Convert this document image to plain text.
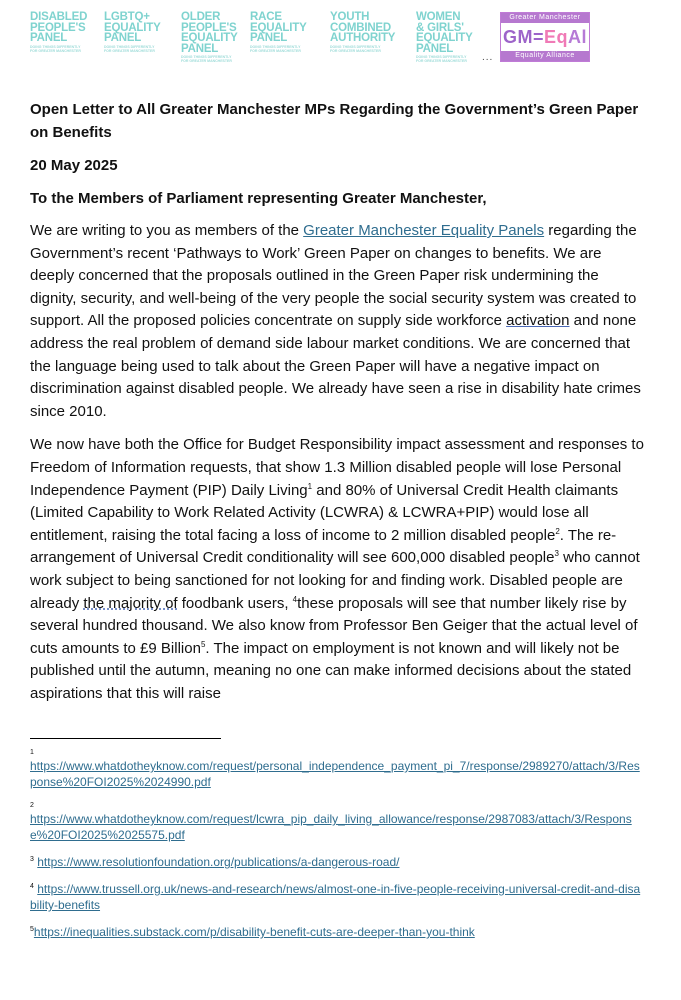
DISABLED
PEOPLE'S
PANEL
DOING THINGS DIFFERENTLY
FOR GREATER MANCHESTER
LGBTQ+
EQUALITY
PANEL
DOING THINGS DIFFERENTLY
FOR GREATER MANCHESTER
OLDER
PEOPLE'S
EQUALITY
PANEL
DOING THINGS DIFFERENTLY
FOR GREATER MANCHESTER
RACE
EQUALITY
PANEL
DOING THINGS DIFFERENTLY
FOR GREATER MANCHESTER
YOUTH
COMBINED
AUTHORITY
DOING THINGS DIFFERENTLY
FOR GREATER MANCHESTER
WOMEN
& GIRLS'
EQUALITY
PANEL
DOING THINGS DIFFERENTLY
FOR GREATER MANCHESTER	...
Greater Manchester
GM=EqAl
Equality Alliance
Open Letter to All Greater Manchester MPs Regarding the Government’s Green Paper on Benefits
20 May 2025
To the Members of Parliament representing Greater Manchester,
We are writing to you as members of the Greater Manchester Equality Panels regarding the Government’s recent ‘Pathways to Work’ Green Paper on changes to benefits. We are deeply concerned that the proposals outlined in the Green Paper risk undermining the dignity, security, and well-being of the very people the social security system was created to support. All the proposed policies concentrate on supply side workforce activation and none address the real problem of demand side labour market conditions. We are concerned that the language being used to talk about the Green Paper will have a negative impact on discrimination against disabled people. We already have seen a rise in disability hate crimes since 2010.
We now have both the Office for Budget Responsibility impact assessment and responses to Freedom of Information requests, that show 1.3 Million disabled people will lose Personal Independence Payment (PIP) Daily Living$^1$ and 80% of Universal Credit Health claimants (Limited Capability to Work Related Activity (LCWRA) & LCWRA+PIP) would lose all entitlement, raising the total facing a loss of income to 2 million disabled people$^2$. The re-arrangement of Universal Credit conditionality will see 600,000 disabled people$^3$ who cannot work subject to being sanctioned for not looking for and finding work. Disabled people are already the majority of foodbank users, $^4$these proposals will see that number likely rise by several hundred thousand. We also know from Professor Ben Geiger that the actual level of cuts amounts to £9 Billion$^5$. The impact on employment is not known and will likely not be published until the autumn, meaning no one can make informed decisions about the stated aspirations that this will raise
1
https://www.whatdotheyknow.com/request/personal_independence_payment_pi_7/response/2989270/attach/3/Response%20FOI2025%2024990.pdf
2
https://www.whatdotheyknow.com/request/lcwra_pip_daily_living_allowance/response/2987083/attach/3/Response%20FOI2025%2025575.pdf
$^3$ https://www.resolutionfoundation.org/publications/a-dangerous-road/
$^4$ https://www.trussell.org.uk/news-and-research/news/almost-one-in-five-people-receiving-universal-credit-and-disability-benefits
$^5$https://inequalities.substack.com/p/disability-benefit-cuts-are-deeper-than-you-think
